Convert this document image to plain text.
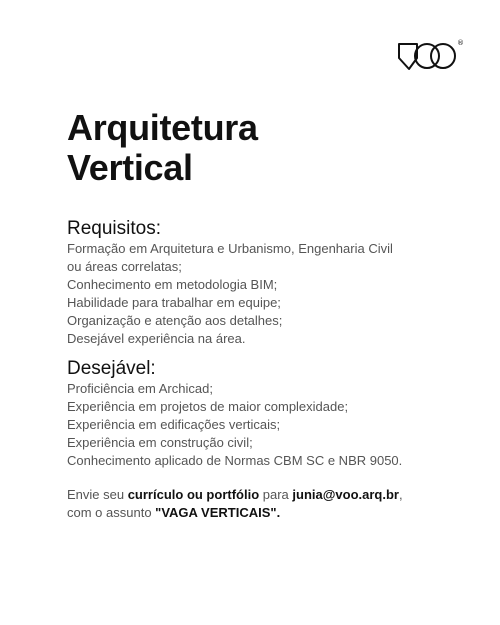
®
Arquitetura
Vertical
Requisitos:
Formação em Arquitetura e Urbanismo, Engenharia Civil
ou áreas correlatas;
Conhecimento em metodologia BIM;
Habilidade para trabalhar em equipe;
Organização e atenção aos detalhes;
Desejável experiência na área.
Desejável:
Proficiência em Archicad;
Experiência em projetos de maior complexidade;
Experiência em edificações verticais;
Experiência em construção civil;
Conhecimento aplicado de Normas CBM SC e NBR 9050.

Envie seu currículo ou portfólio para junia@voo.arq.br,
com o assunto "VAGA VERTICAIS".
